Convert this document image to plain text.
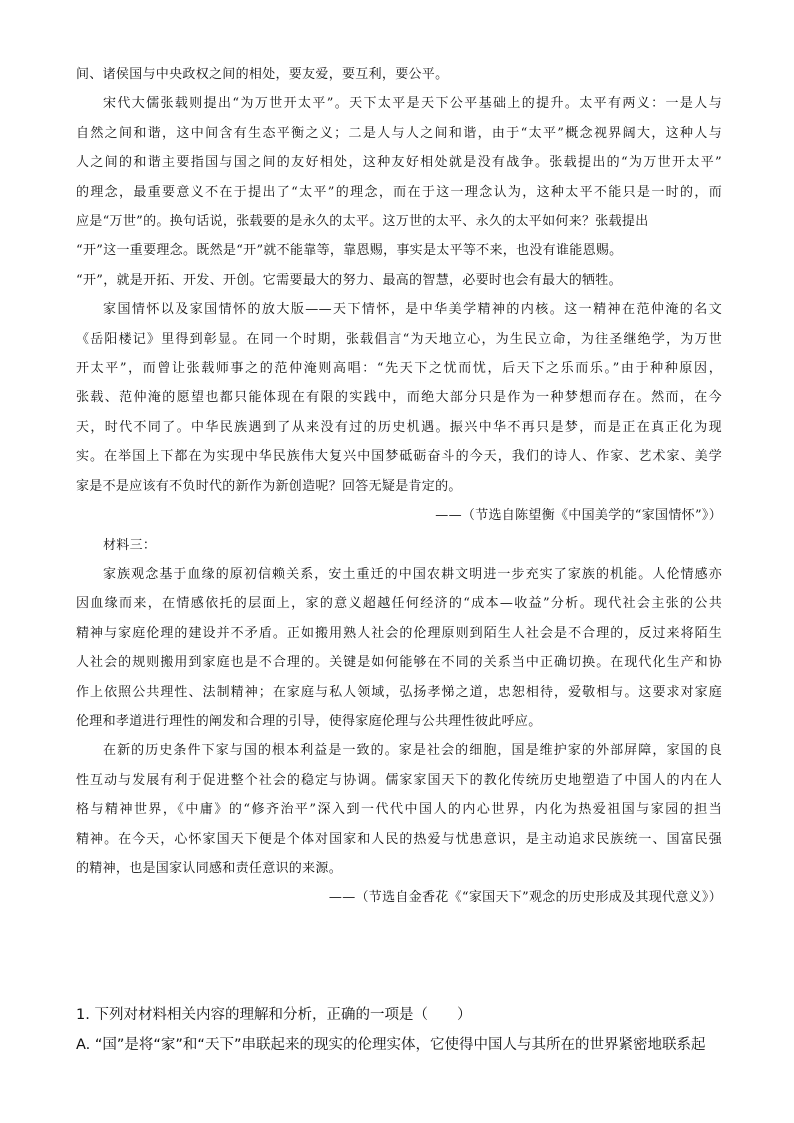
间、诸侯国与中央政权之间的相处，要友爱，要互利，要公平。
宋代大儒张载则提出“为万世开太平”。天下太平是天下公平基础上的提升。太平有两义：一是人与
自然之间和谐，这中间含有生态平衡之义；二是人与人之间和谐，由于“太平”概念视界阔大，这种人与
人之间的和谐主要指国与国之间的友好相处，这种友好相处就是没有战争。张载提出的“为万世开太平”
的理念，最重要意义不在于提出了“太平”的理念，而在于这一理念认为，这种太平不能只是一时的，而
应是“万世”的。换句话说，张载要的是永久的太平。这万世的太平、永久的太平如何来？张载提出
“开”这一重要理念。既然是“开”就不能靠等，靠恩赐，事实是太平等不来，也没有谁能恩赐。
“开”，就是开拓、开发、开创。它需要最大的努力、最高的智慧，必要时也会有最大的牺牲。
家国情怀以及家国情怀的放大版——天下情怀，是中华美学精神的内核。这一精神在范仲淹的名文
《岳阳楼记》里得到彰显。在同一个时期，张载倡言“为天地立心，为生民立命，为往圣继绝学，为万世
开太平”，而曾让张载师事之的范仲淹则高唱：“先天下之忧而忧，后天下之乐而乐。”由于种种原因，
张载、范仲淹的愿望也都只能体现在有限的实践中，而绝大部分只是作为一种梦想而存在。然而，在今
天，时代不同了。中华民族遇到了从来没有过的历史机遇。振兴中华不再只是梦，而是正在真正化为现
实。在举国上下都在为实现中华民族伟大复兴中国梦砥砺奋斗的今天，我们的诗人、作家、艺术家、美学
家是不是应该有不负时代的新作为新创造呢？回答无疑是肯定的。
——（节选自陈望衡《中国美学的“家国情怀”》）
材料三：
家族观念基于血缘的原初信赖关系，安土重迁的中国农耕文明进一步充实了家族的机能。人伦情感亦
因血缘而来，在情感依托的层面上，家的意义超越任何经济的“成本—收益”分析。现代社会主张的公共
精神与家庭伦理的建设并不矛盾。正如搬用熟人社会的伦理原则到陌生人社会是不合理的，反过来将陌生
人社会的规则搬用到家庭也是不合理的。关键是如何能够在不同的关系当中正确切换。在现代化生产和协
作上依照公共理性、法制精神；在家庭与私人领域，弘扬孝悌之道，忠恕相待，爱敬相与。这要求对家庭
伦理和孝道进行理性的阐发和合理的引导，使得家庭伦理与公共理性彼此呼应。
在新的历史条件下家与国的根本利益是一致的。家是社会的细胞，国是维护家的外部屏障，家国的良
性互动与发展有利于促进整个社会的稳定与协调。儒家家国天下的教化传统历史地塑造了中国人的内在人
格与精神世界，《中庸》的“修齐治平”深入到一代代中国人的内心世界，内化为热爱祖国与家园的担当
精神。在今天，心怀家国天下便是个体对国家和人民的热爱与忧患意识，是主动追求民族统一、国富民强
的精神，也是国家认同感和责任意识的来源。
——（节选自金香花《“家国天下”观念的历史形成及其现代意义》）
1. 下列对材料相关内容的理解和分析，正确的一项是（　　）
A. “国”是将“家”和“天下”串联起来的现实的伦理实体，它使得中国人与其所在的世界紧密地联系起
